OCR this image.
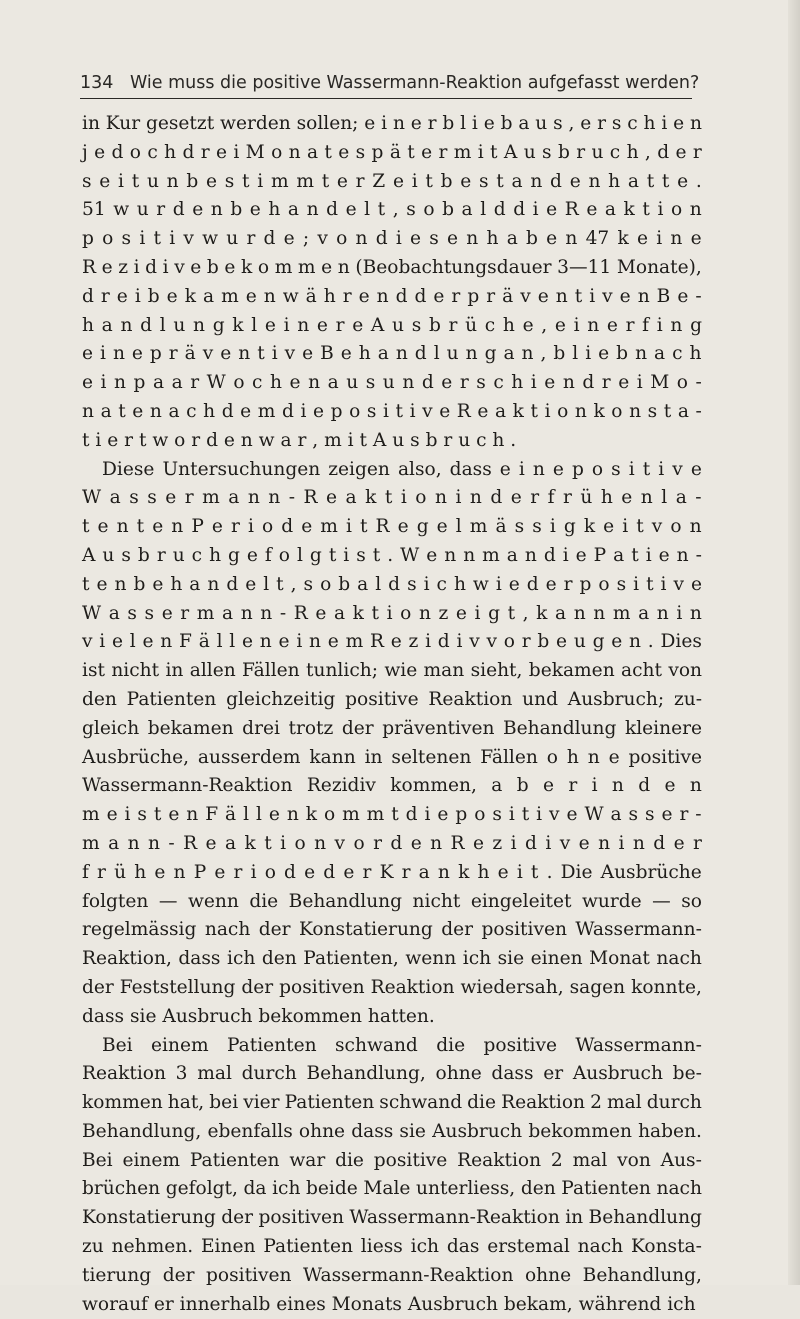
134 Wie muss die positive Wassermann-Reaktion aufgefasst werden?
in Kur gesetzt werden sollen; e i n e r b l i e b a u s , e r s c h i e n
j e d o c h d r e i M o n a t e s p ä t e r m i t A u s b r u c h , d e r
s e i t u n b e s t i m m t e r Z e i t b e s t a n d e n h a t t e .
51 w u r d e n b e h a n d e l t , s o b a l d d i e R e a k t i o n
p o s i t i v w u r d e ; v o n d i e s e n h a b e n 47 k e i n e
R e z i d i v e b e k o m m e n (Beobachtungsdauer 3—11 Monate),
d r e i b e k a m e n w ä h r e n d d e r p r ä v e n t i v e n B e -
h a n d l u n g k l e i n e r e A u s b r ü c h e , e i n e r f i n g
e i n e p r ä v e n t i v e B e h a n d l u n g a n , b l i e b n a c h
e i n p a a r W o c h e n a u s u n d e r s c h i e n d r e i M o -
n a t e n a c h d e m d i e p o s i t i v e R e a k t i o n k o n s t a -
t i e r t w o r d e n w a r , m i t A u s b r u c h .
Diese Untersuchungen zeigen also, dass e i n e p o s i t i v e
W a s s e r m a n n - R e a k t i o n i n d e r f r ü h e n l a -
t e n t e n P e r i o d e m i t R e g e l m ä s s i g k e i t v o n
A u s b r u c h g e f o l g t i s t . W e n n m a n d i e P a t i e n -
t e n b e h a n d e l t , s o b a l d s i c h w i e d e r p o s i t i v e
W a s s e r m a n n - R e a k t i o n z e i g t , k a n n m a n i n
v i e l e n F ä l l e n e i n e m R e z i d i v v o r b e u g e n . Dies
ist nicht in allen Fällen tunlich; wie man sieht, bekamen acht von
den Patienten gleichzeitig positive Reaktion und Ausbruch; zu-
gleich bekamen drei trotz der präventiven Behandlung kleinere
Ausbrüche, ausserdem kann in seltenen Fällen o h n e positive
Wassermann-Reaktion Rezidiv kommen, a b e r i n d e n
m e i s t e n F ä l l e n k o m m t d i e p o s i t i v e W a s s e r -
m a n n - R e a k t i o n v o r d e n R e z i d i v e n i n d e r
f r ü h e n P e r i o d e d e r K r a n k h e i t . Die Ausbrüche
folgten — wenn die Behandlung nicht eingeleitet wurde — so
regelmässig nach der Konstatierung der positiven Wassermann-
Reaktion, dass ich den Patienten, wenn ich sie einen Monat nach
der Feststellung der positiven Reaktion wiedersah, sagen konnte,
dass sie Ausbruch bekommen hatten.
Bei einem Patienten schwand die positive Wassermann-
Reaktion 3 mal durch Behandlung, ohne dass er Ausbruch be-
kommen hat, bei vier Patienten schwand die Reaktion 2 mal durch
Behandlung, ebenfalls ohne dass sie Ausbruch bekommen haben.
Bei einem Patienten war die positive Reaktion 2 mal von Aus-
brüchen gefolgt, da ich beide Male unterliess, den Patienten nach
Konstatierung der positiven Wassermann-Reaktion in Behandlung
zu nehmen. Einen Patienten liess ich das erstemal nach Konsta-
tierung der positiven Wassermann-Reaktion ohne Behandlung,
worauf er innerhalb eines Monats Ausbruch bekam, während ich
